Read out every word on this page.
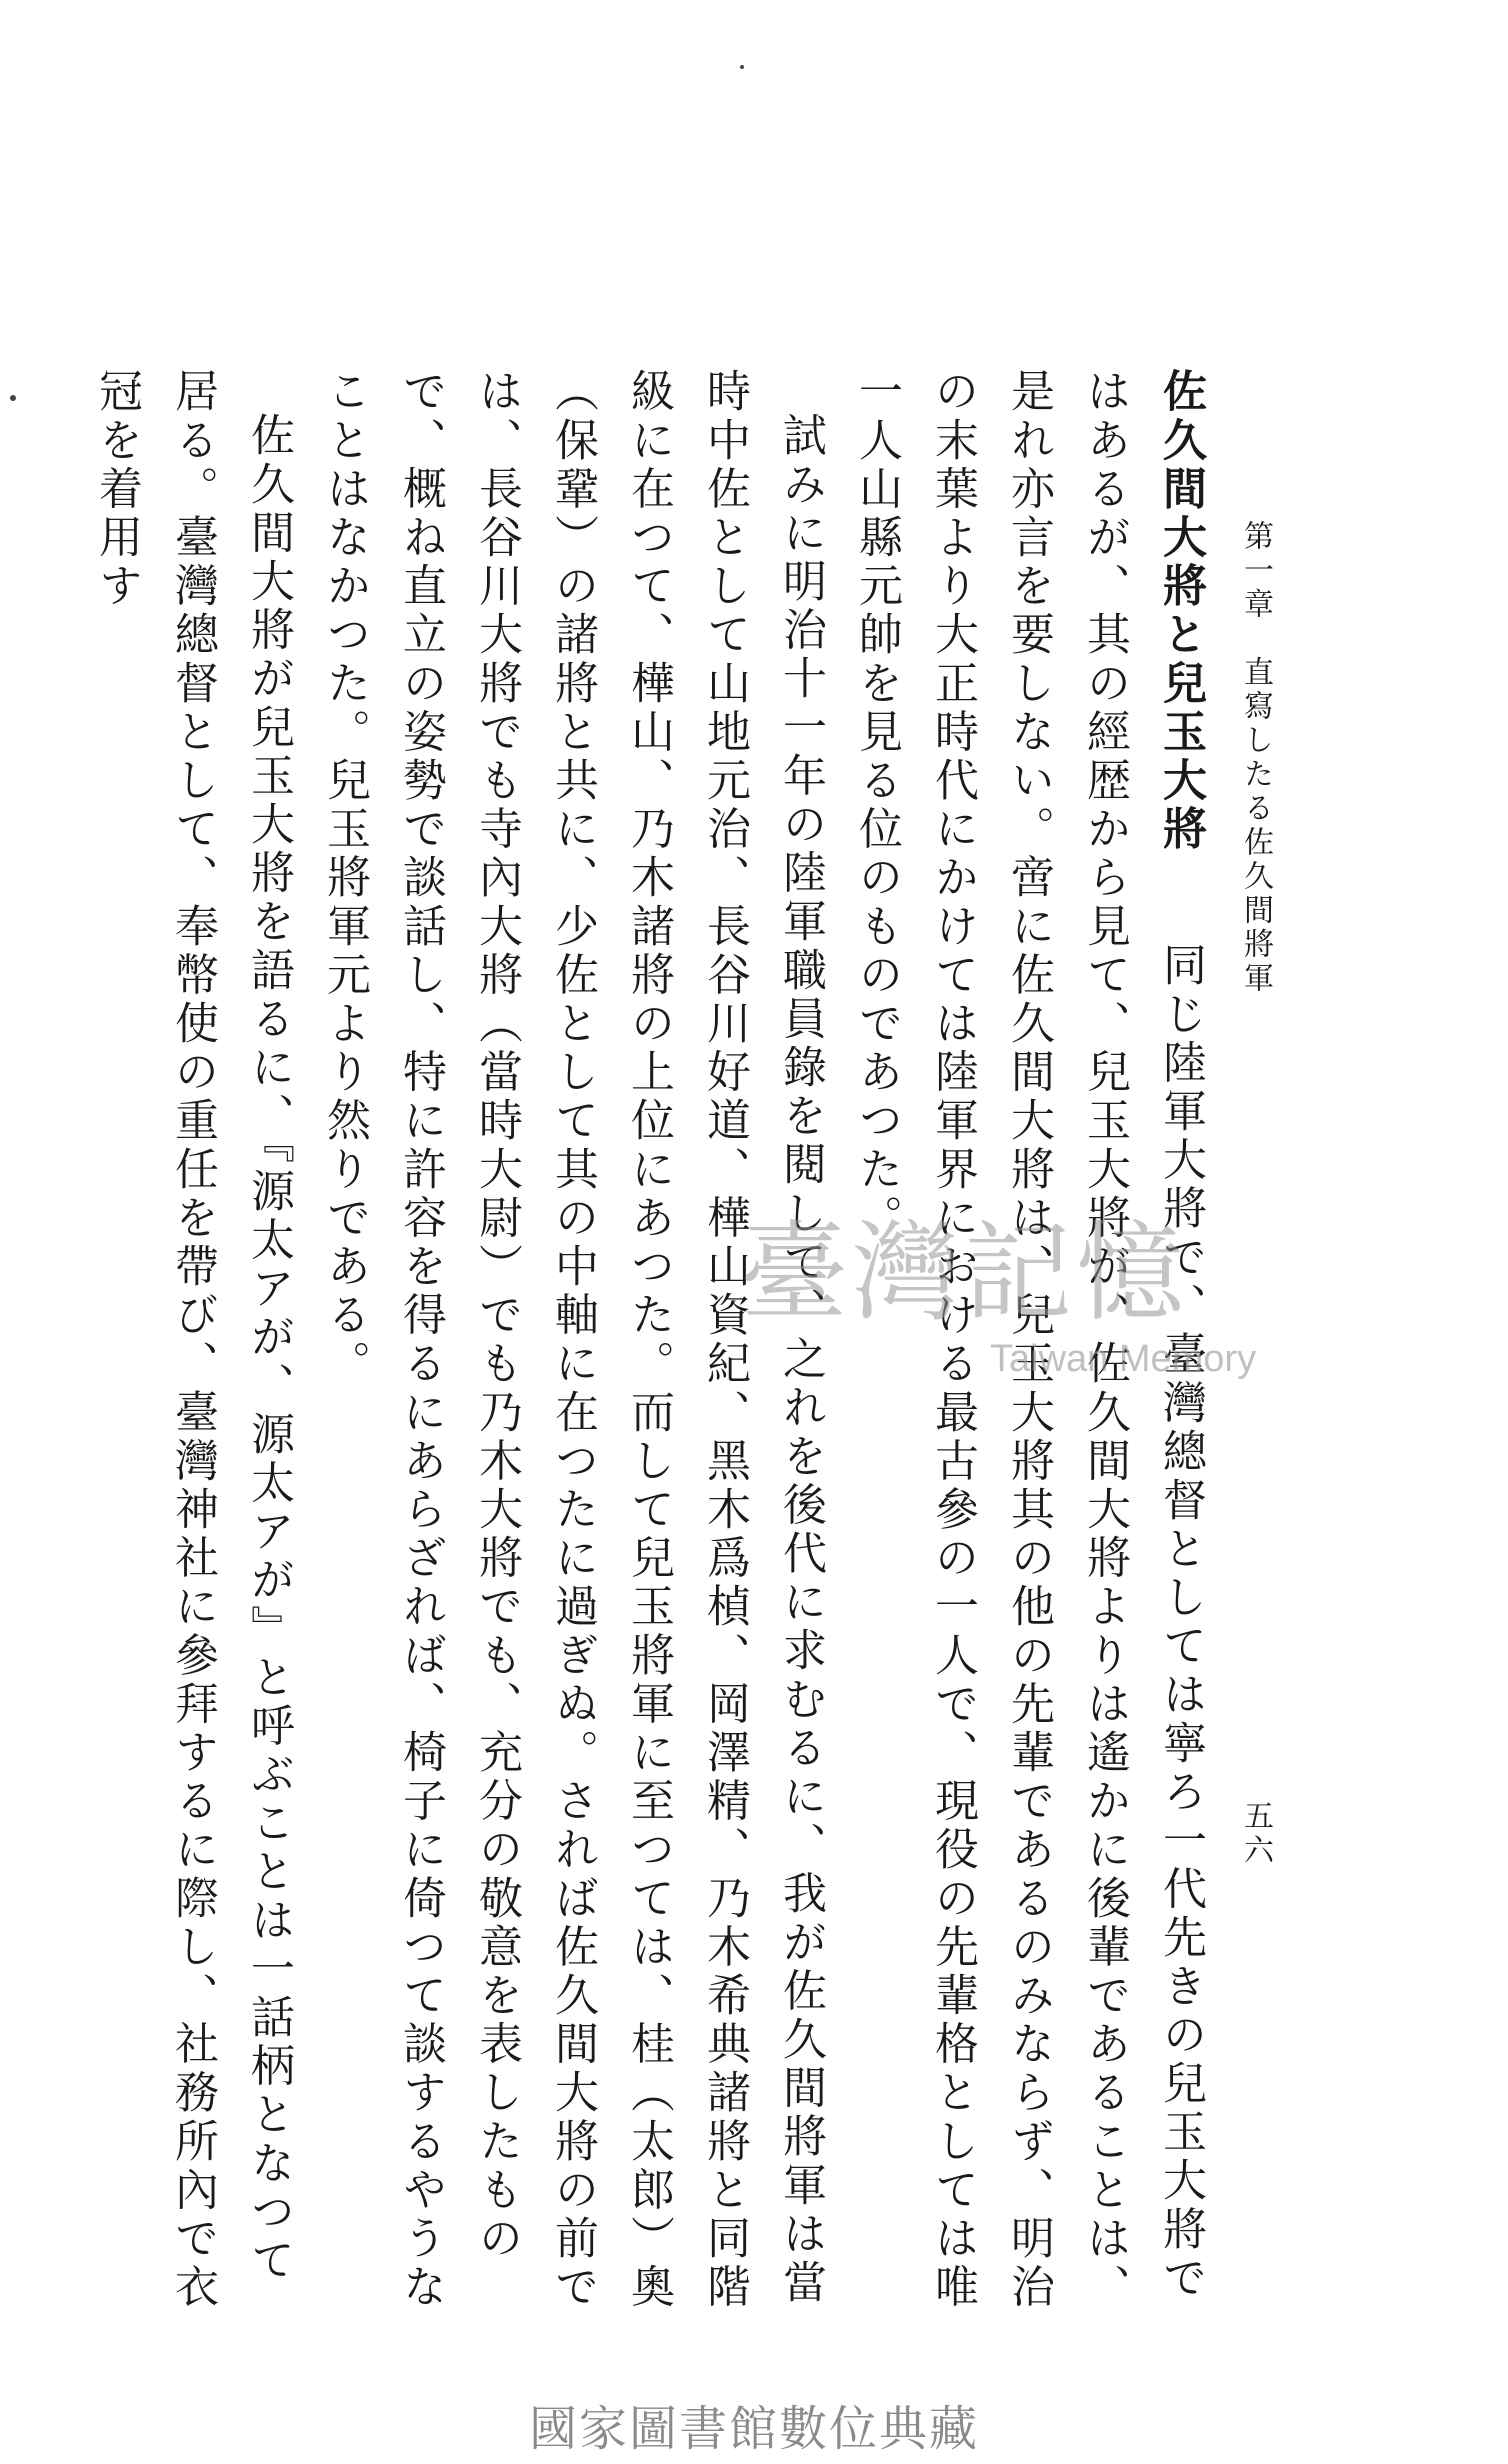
第一章　直寫したる佐久間將軍
五六

佐久間大將と兒玉大將同じ陸軍大將で、臺灣總督としては寧ろ一代先きの兒玉大將ではあるが、其の經歴から見て、兒玉大將が、佐久間大將よりは遙かに後輩であることは、是れ亦言を要しない。啻に佐久間大將は、兒玉大將其の他の先輩であるのみならず、明治の末葉より大正時代にかけては陸軍界における最古參の一人で、現役の先輩格としては唯一人山縣元帥を見る位のものであつた。

試みに明治十一年の陸軍職員錄を閱して、之れを後代に求むるに、我が佐久間將軍は當時中佐として山地元治、長谷川好道、樺山資紀、黑木爲楨、岡澤精、乃木希典諸將と同階級に在つて、樺山、乃木諸將の上位にあつた。而して兒玉將軍に至つては、桂（太郎）奧（保鞏）の諸將と共に、少佐として其の中軸に在つたに過ぎぬ。されば佐久間大將の前では、長谷川大將でも寺內大將（當時大尉）でも乃木大將でも、充分の敬意を表したもので、概ね直立の姿勢で談話し、特に許容を得るにあらざれば、椅子に倚つて談するやうなことはなかつた。兒玉將軍元より然りである。

佐久間大將が兒玉大將を語るに、『源太アが、源太アが』と呼ぶことは一話柄となつて居る。臺灣總督として、奉幣使の重任を帶び、臺灣神社に參拜するに際し、社務所內で衣冠を着用す

臺灣記憶
Taiwan Memory
國家圖書館數位典藏
